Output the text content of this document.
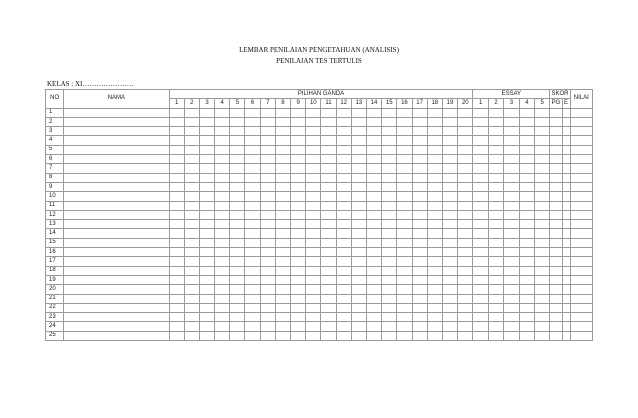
LEMBAR PENILAIAN PENGETAHUAN (ANALISIS)
PENILAIAN TES TERTULIS
KELAS : XI………………….
NO	NAMA	PILIHAN GANDA																				ESSAY					SKOR		NILAI
		1	2	3	4	5	6	7	8	9	10	11	12	13	14	15	16	17	18	19	20	1	2	3	4	5	PG	E	
1																													
2																													
3																													
4																													
5																													
6																													
7																													
8																													
9																													
10																													
11																													
12																													
13																													
14																													
15																													
16																													
17																													
18																													
19																													
20																													
21																													
22																													
23																													
24																													
25																													
